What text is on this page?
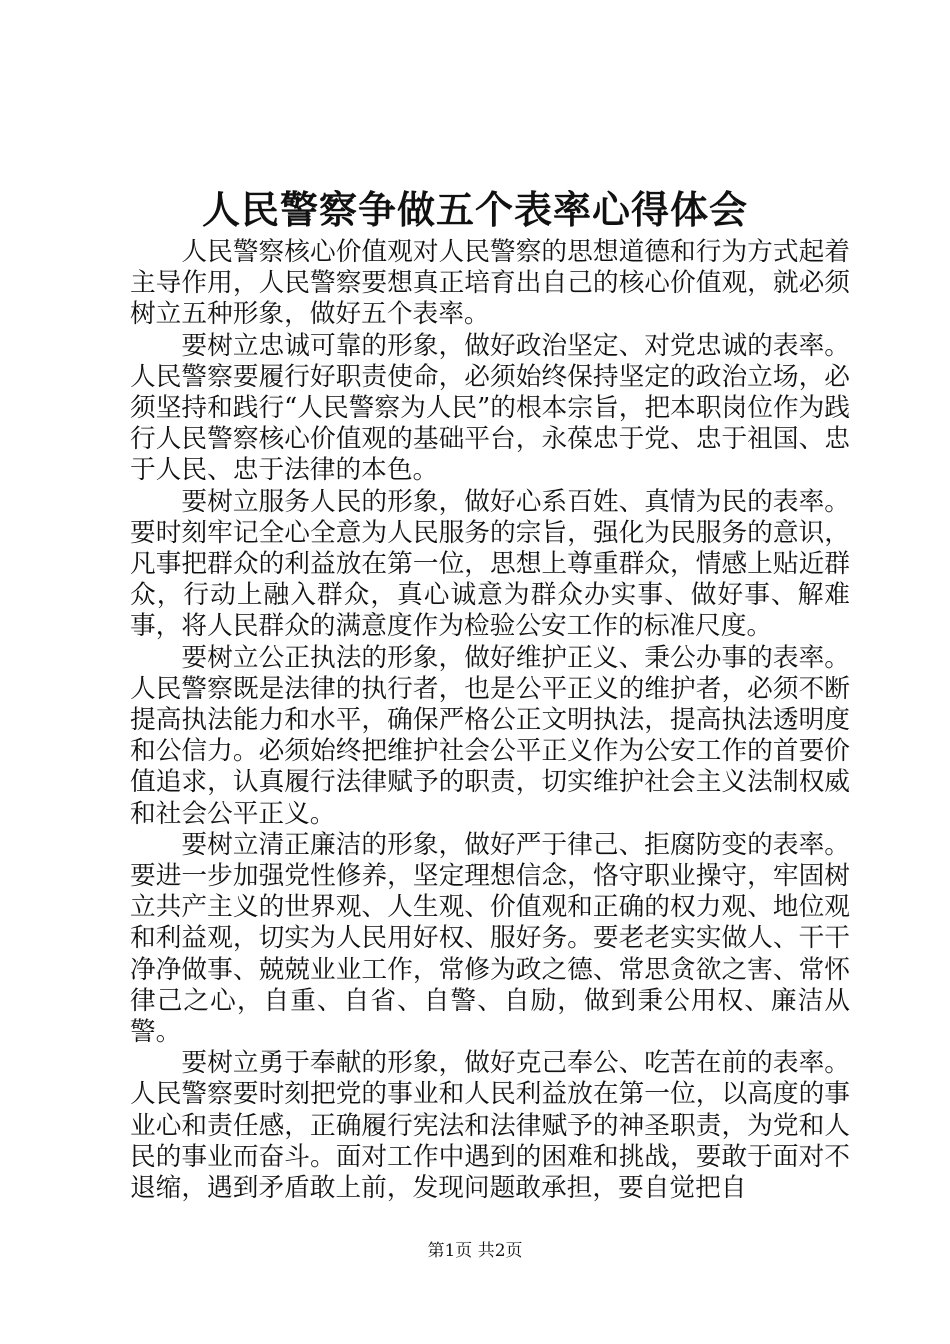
人民警察争做五个表率心得体会

人民警察核心价值观对人民警察的思想道德和行为方式起着主导作用，人民警察要想真正培育出自己的核心价值观，就必须树立五种形象，做好五个表率。

要树立忠诚可靠的形象，做好政治坚定、对党忠诚的表率。人民警察要履行好职责使命，必须始终保持坚定的政治立场，必须坚持和践行“人民警察为人民”的根本宗旨，把本职岗位作为践行人民警察核心价值观的基础平台，永葆忠于党、忠于祖国、忠于人民、忠于法律的本色。

要树立服务人民的形象，做好心系百姓、真情为民的表率。要时刻牢记全心全意为人民服务的宗旨，强化为民服务的意识，凡事把群众的利益放在第一位，思想上尊重群众，情感上贴近群众，行动上融入群众，真心诚意为群众办实事、做好事、解难事，将人民群众的满意度作为检验公安工作的标准尺度。

要树立公正执法的形象，做好维护正义、秉公办事的表率。人民警察既是法律的执行者，也是公平正义的维护者，必须不断提高执法能力和水平，确保严格公正文明执法，提高执法透明度和公信力。必须始终把维护社会公平正义作为公安工作的首要价值追求，认真履行法律赋予的职责，切实维护社会主义法制权威和社会公平正义。

要树立清正廉洁的形象，做好严于律己、拒腐防变的表率。要进一步加强党性修养，坚定理想信念，恪守职业操守，牢固树立共产主义的世界观、人生观、价值观和正确的权力观、地位观和利益观，切实为人民用好权、服好务。要老老实实做人、干干净净做事、兢兢业业工作，常修为政之德、常思贪欲之害、常怀律己之心，自重、自省、自警、自励，做到秉公用权、廉洁从警。

要树立勇于奉献的形象，做好克己奉公、吃苦在前的表率。人民警察要时刻把党的事业和人民利益放在第一位，以高度的事业心和责任感，正确履行宪法和法律赋予的神圣职责，为党和人民的事业而奋斗。面对工作中遇到的困难和挑战，要敢于面对不退缩，遇到矛盾敢上前，发现问题敢承担，要自觉把自

第1页 共2页
